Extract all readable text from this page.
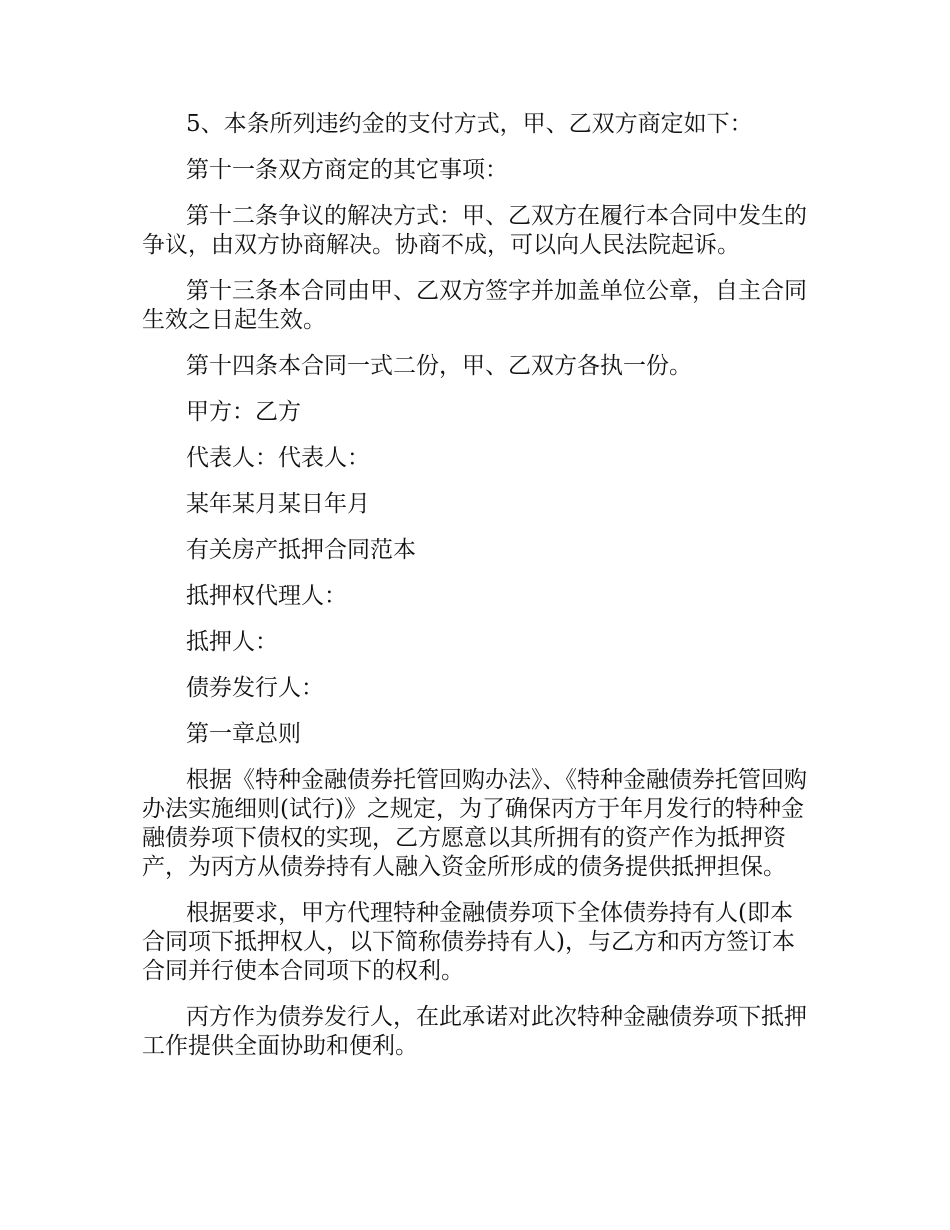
5、本条所列违约金的支付方式，甲、乙双方商定如下：

第十一条双方商定的其它事项：

第十二条争议的解决方式：甲、乙双方在履行本合同中发生的争议，由双方协商解决。协商不成，可以向人民法院起诉。

第十三条本合同由甲、乙双方签字并加盖单位公章，自主合同生效之日起生效。

第十四条本合同一式二份，甲、乙双方各执一份。

甲方：乙方

代表人：代表人：

某年某月某日年月

有关房产抵押合同范本

抵押权代理人：

抵押人：

债券发行人：

第一章总则

根据《特种金融债券托管回购办法》、《特种金融债券托管回购办法实施细则(试行)》之规定，为了确保丙方于年月发行的特种金融债券项下债权的实现，乙方愿意以其所拥有的资产作为抵押资产，为丙方从债券持有人融入资金所形成的债务提供抵押担保。

根据要求，甲方代理特种金融债券项下全体债券持有人(即本合同项下抵押权人，以下简称债券持有人)，与乙方和丙方签订本合同并行使本合同项下的权利。

丙方作为债券发行人，在此承诺对此次特种金融债券项下抵押工作提供全面协助和便利。
